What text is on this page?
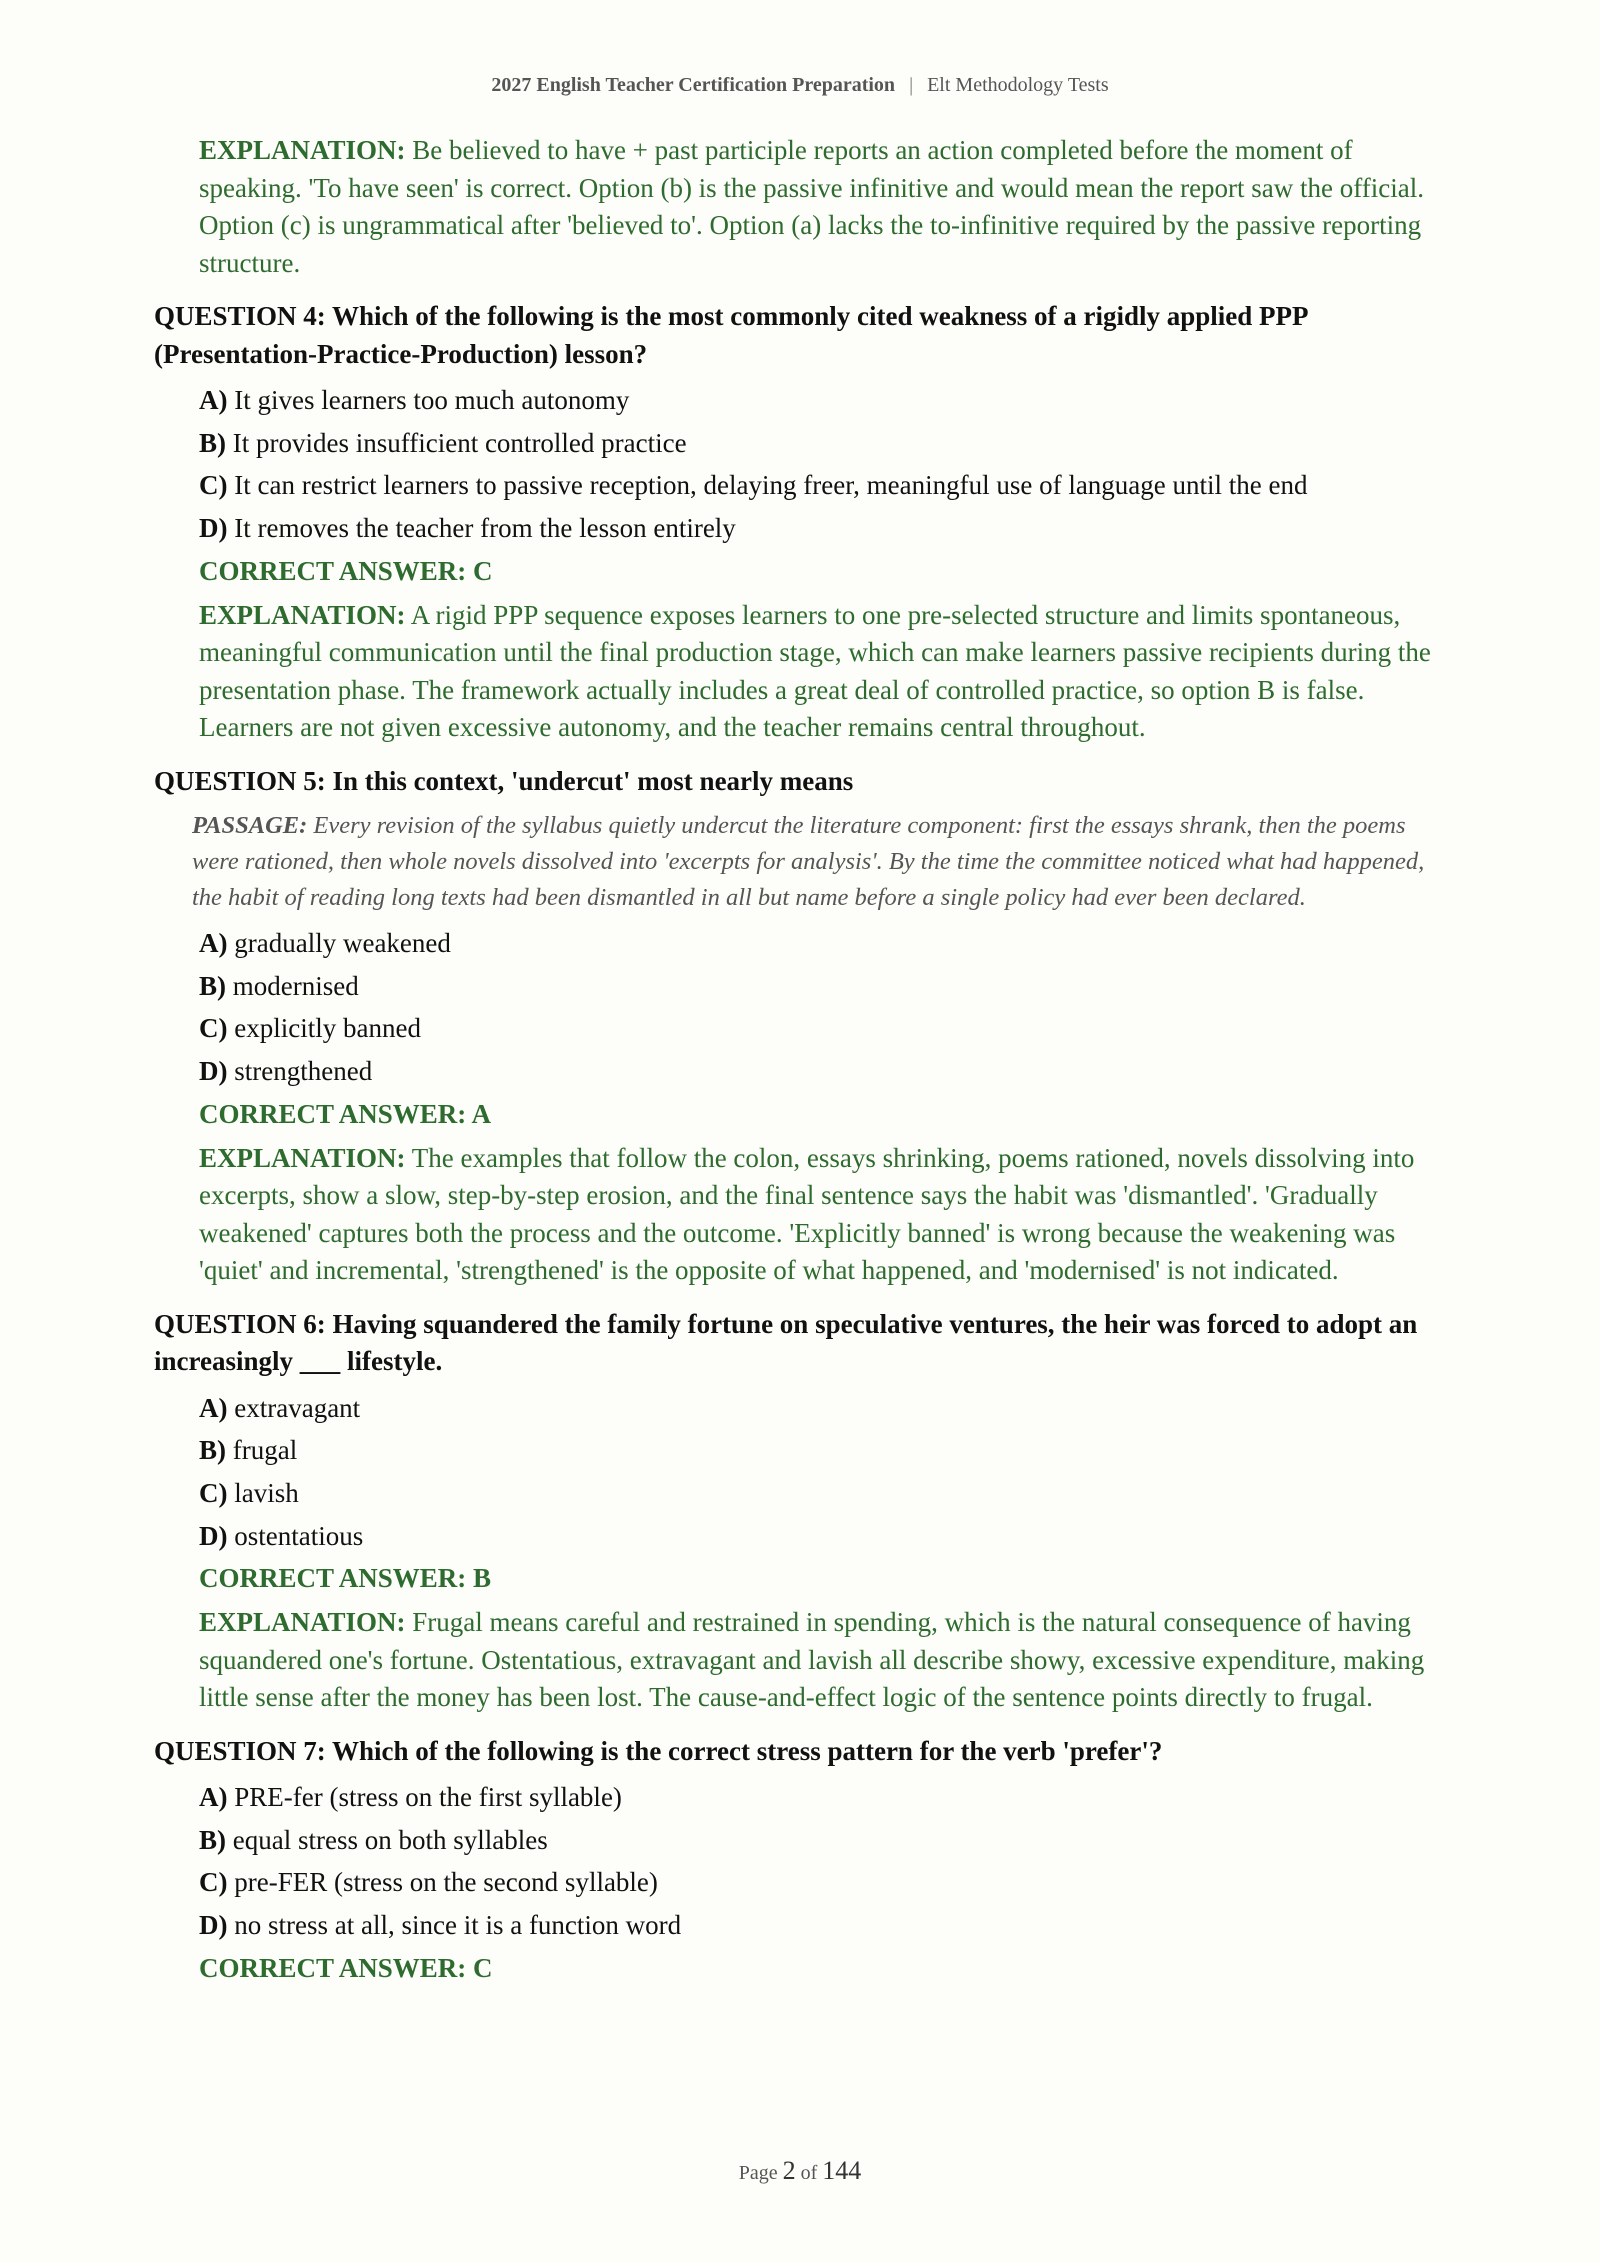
2027 English Teacher Certification Preparation | Elt Methodology Tests
EXPLANATION: Be believed to have + past participle reports an action completed before the moment of speaking. 'To have seen' is correct. Option (b) is the passive infinitive and would mean the report saw the official. Option (c) is ungrammatical after 'believed to'. Option (a) lacks the to-infinitive required by the passive reporting structure.
QUESTION 4: Which of the following is the most commonly cited weakness of a rigidly applied PPP (Presentation-Practice-Production) lesson?
A) It gives learners too much autonomy
B) It provides insufficient controlled practice
C) It can restrict learners to passive reception, delaying freer, meaningful use of language until the end
D) It removes the teacher from the lesson entirely
CORRECT ANSWER: C
EXPLANATION: A rigid PPP sequence exposes learners to one pre-selected structure and limits spontaneous, meaningful communication until the final production stage, which can make learners passive recipients during the presentation phase. The framework actually includes a great deal of controlled practice, so option B is false. Learners are not given excessive autonomy, and the teacher remains central throughout.
QUESTION 5: In this context, 'undercut' most nearly means
PASSAGE: Every revision of the syllabus quietly undercut the literature component: first the essays shrank, then the poems were rationed, then whole novels dissolved into 'excerpts for analysis'. By the time the committee noticed what had happened, the habit of reading long texts had been dismantled in all but name before a single policy had ever been declared.
A) gradually weakened
B) modernised
C) explicitly banned
D) strengthened
CORRECT ANSWER: A
EXPLANATION: The examples that follow the colon, essays shrinking, poems rationed, novels dissolving into excerpts, show a slow, step-by-step erosion, and the final sentence says the habit was 'dismantled'. 'Gradually weakened' captures both the process and the outcome. 'Explicitly banned' is wrong because the weakening was 'quiet' and incremental, 'strengthened' is the opposite of what happened, and 'modernised' is not indicated.
QUESTION 6: Having squandered the family fortune on speculative ventures, the heir was forced to adopt an increasingly ___ lifestyle.
A) extravagant
B) frugal
C) lavish
D) ostentatious
CORRECT ANSWER: B
EXPLANATION: Frugal means careful and restrained in spending, which is the natural consequence of having squandered one's fortune. Ostentatious, extravagant and lavish all describe showy, excessive expenditure, making little sense after the money has been lost. The cause-and-effect logic of the sentence points directly to frugal.
QUESTION 7: Which of the following is the correct stress pattern for the verb 'prefer'?
A) PRE-fer (stress on the first syllable)
B) equal stress on both syllables
C) pre-FER (stress on the second syllable)
D) no stress at all, since it is a function word
CORRECT ANSWER: C
Page 2 of 144
